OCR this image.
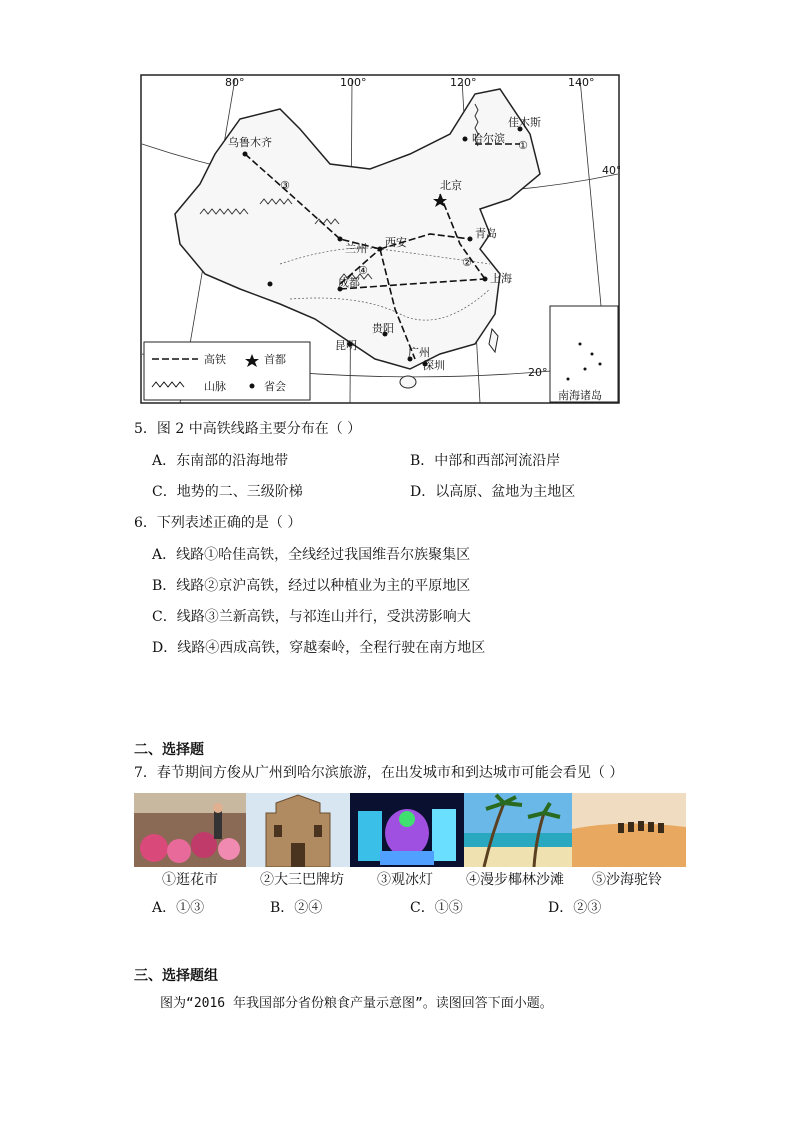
80°	100°	120°	140°
40°
20°
乌鲁木齐	哈尔滨
佳木斯
北京
兰州 西安
青岛
成都	上海
贵阳
昆明
广州
深圳
①
②
③
④
南海诸岛
高铁	首都
山脉	省会
5．图 2 中高铁线路主要分布在（ ）
A．东南部的沿海地带	B．中部和西部河流沿岸
C．地势的二、三级阶梯	D．以高原、盆地为主地区
6．下列表述正确的是（ ）
A．线路①哈佳高铁，全线经过我国维吾尔族聚集区
B．线路②京沪高铁，经过以种植业为主的平原地区
C．线路③兰新高铁，与祁连山并行，受洪涝影响大
D．线路④西成高铁，穿越秦岭，全程行驶在南方地区
二、选择题
7．春节期间方俊从广州到哈尔滨旅游，在出发城市和到达城市可能会看见（ ）
①逛花市	②大三巴牌坊 ③观冰灯 ④漫步椰林沙滩 ⑤沙海驼铃
A．①③	B．②④	C．①⑤	D．②③
三、选择题组
图为“2016 年我国部分省份粮食产量示意图”。读图回答下面小题。
